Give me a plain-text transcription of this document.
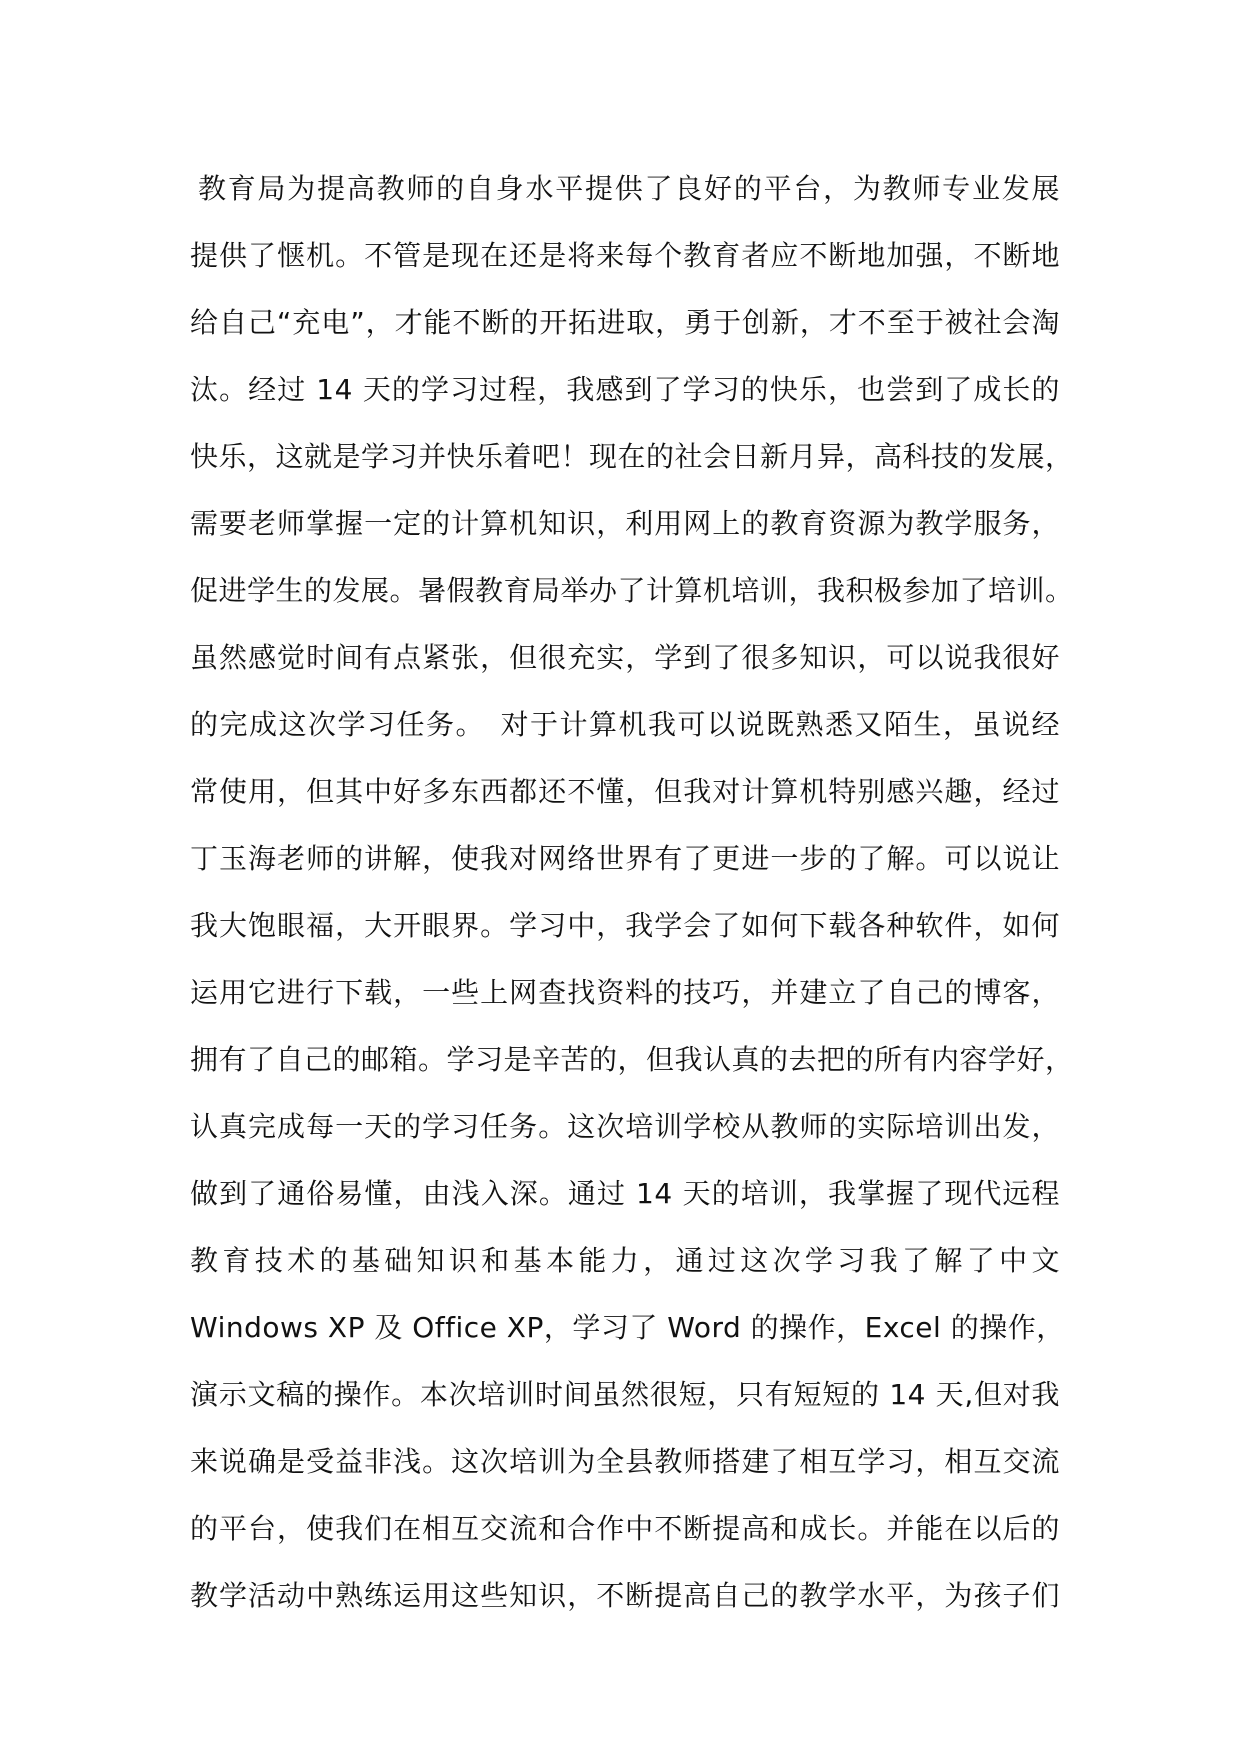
教育局为提高教师的自身水平提供了良好的平台，为教师专业发展
提供了惬机。不管是现在还是将来每个教育者应不断地加强，不断地
给自己“充电”，才能不断的开拓进取，勇于创新，才不至于被社会淘
汰。经过 14 天的学习过程，我感到了学习的快乐，也尝到了成长的
快乐，这就是学习并快乐着吧！现在的社会日新月异，高科技的发展，
需要老师掌握一定的计算机知识，利用网上的教育资源为教学服务，
促进学生的发展。暑假教育局举办了计算机培训，我积极参加了培训。
虽然感觉时间有点紧张，但很充实，学到了很多知识，可以说我很好
的完成这次学习任务。　对于计算机我可以说既熟悉又陌生，虽说经
常使用，但其中好多东西都还不懂，但我对计算机特别感兴趣，经过
丁玉海老师的讲解，使我对网络世界有了更进一步的了解。可以说让
我大饱眼福，大开眼界。学习中，我学会了如何下载各种软件，如何
运用它进行下载，一些上网查找资料的技巧，并建立了自己的博客，
拥有了自己的邮箱。学习是辛苦的，但我认真的去把的所有内容学好，
认真完成每一天的学习任务。这次培训学校从教师的实际培训出发，
做到了通俗易懂，由浅入深。通过 14 天的培训，我掌握了现代远程
教育技术的基础知识和基本能力，通过这次学习我了解了中文
Windows XP 及 Office XP，学习了 Word 的操作，Excel 的操作，
演示文稿的操作。本次培训时间虽然很短，只有短短的 14 天,但对我
来说确是受益非浅。这次培训为全县教师搭建了相互学习，相互交流
的平台，使我们在相互交流和合作中不断提高和成长。并能在以后的
教学活动中熟练运用这些知识，不断提高自己的教学水平，为孩子们
